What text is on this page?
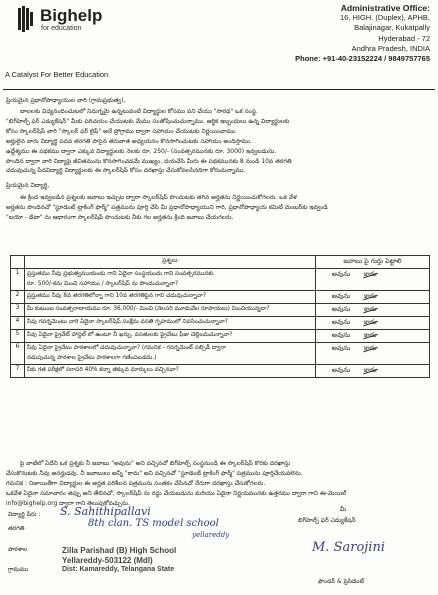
Bighelp
for education
A Catalyst For Better Education
Administrative Office:
16, HIGH. (Duplex), APHB,
Balajinagar, Kukatpally
Hyderabad - 72
Andhra Pradesh, INDIA
Phone: +91-40-23152224 / 9849757765
ప్రియమైన ప్రధానోపాధ్యాయుల వారి (గ్రామప్రభుత్వ),
బాలలకు విద్యనందించుటలో నిమగ్నమై ఉన్నటువంటి విద్యార్థుల కోసము పని చేయు "సారథ" ఒక సంస్థ.
"బిగ్‌హెల్ప్ ఫర్ ఎడ్యుకేషన్" మీకు పరిచయం చేయుటకు మేము సంతోషించుచున్నాము. ఆర్థిక ఇబ్బందులు ఉన్న విద్యార్థులకు
కోసం స్కాలర్‌షిప్ వారి "స్కాలర్ ఫర్ లైఫ్" అనే ప్రోగ్రాము ద్వారా సహాయం చేయుటకు నిర్ణయించాము.
అర్హులైన వారు విద్యార్థి పదవ తరగతి పాసైన తరువాత అధ్యయనం కొనసాగించుటకు సహాయం అందిస్తాము.
ఉద్దేశ్యము ఈ పథకము ద్వారా ఎక్కువ విద్యార్థులకు నెలకు రూ. 250/- (సంవత్సరమునకు రూ. 3000) ఇవ్వబడును.
పొందిన ద్వారా వారి విద్యాపై జీవితమును కొనసాగించడమే ముఖ్యం. దయచేసి మీరు ఈ పథకమునకు 8 నుండి 10వ తరగతి
చదువుచున్న పేదవిద్యార్థి విద్యార్థులకు ఈ స్కాలర్‌షిప్ కోసం దరఖాస్తు చేసుకోవలసినదిగా కోరుచున్నాము.
ప్రియమైన విద్యార్థి,
ఈ క్రింద ఇవ్వబడిన ప్రశ్నలకు జవాబు ఇచ్చుట ద్వారా స్కాలర్‌షిప్ పొందుటకు తగిన అర్హతను నిర్ణయించుకోగలరు. ఒక వేళ
అర్హతను పొందినచో "స్టూడెంట్ ట్రాకింగ్ ఫార్మ్" పత్రమును పూర్తి చేసి మీ ప్రధానోపాధ్యాయుని గారి, ప్రధానోపాధ్యాయ కమిటీ మెంబర్‌కు ఇవ్వండి
"బయో - డేటా" ను ఆధారంగా స్కాలర్‌షిప్ పొందుటకు నీకు గల అర్హతను క్రింది జవాబు చేయగలరు.
	ప్రశ్నలు	జవాబు పై గుర్తు పెట్టాలి
1	ప్రస్తుతము నీవు ప్రభుత్వముయందు గాని ఏదైనా సంస్థయందు గాని సంవత్సరమునకు
రూ. 500/-కను మించి సహాయం / స్కాలర్‌షిప్ ను పొందుచున్నావా?	అవును కాదు
2	ప్రస్తుతము నీవు 8వ తరగతిలోన్నా గాని 10వ తరగతిపైన గాని చదువుచున్నావా?	అవును కాదు
3	మీ కుటుంబ సంవత్సరాదాయము రూ. 36,000/- మించి (నెలసరి మూడువేల రూపాయలు) మించియున్నదా?	అవును కాదు
4	నీవు గవర్నమెంటు వారి ఏదైనా స్కాలర్‌షిప్ సంక్షేమ వసతి గృహములో నివసించుచున్నావా?	అవును కాదు
5	నీవు ఏదైనా ప్రైవేట్ హాస్టల్ లో ఉంటూ నీ ఖర్చు, వసతులకు ప్రైవేటు ఫీజు చెల్లించుచున్నావా?	అవును కాదు
6	నీవు ఏదైనా ప్రైవేటు పాఠశాలలో చదువుచున్నావా? (గమనిక - గవర్నమెంట్ సబ్సిడీ ద్వారా
నడుపుచున్న పాఠశాల ప్రైవేటు పాఠశాలగా గణింపబడదు.)	అవును కాదు
7	నీకు గత పరీక్షలో సరాసరి 40% కన్నా తక్కువ మార్కులు వచ్చినవా?	అవును కాదు
పై వాటిలో ఏదేని ఒక ప్రశ్నకు నీ జవాబు "అవును" అని వచ్చినచో బిగ్‌హెల్ప్ సంస్థనుండి ఈ స్కాలర్‌షిప్ కొరకు దరఖాస్తు
చేసుకొనుటకు నీవు అనర్హుడవు. నీ జవాబులు అన్నీ "కాదు" అని వచ్చినచో "స్టూడెంట్ ట్రాకింగ్ ఫార్మ్" పత్రమును పూర్తిచేయవలెను.
గమనిక : నిజాయితీగా విద్యార్థుల ఈ అర్హత పరిశీలన పత్రమును సంతకం చేసినచో నేరుగా దరఖాస్తు చేసుకోగలరు.
ఒకవేళ ఏదైనా సమాచారం తప్పు అని తేలినచో, స్కాలర్‌షిప్ ను రద్దు చేయబడును మరియు ఏదైనా నిర్ణయమునకు ఉత్తరము ద్వారా గాని ఈ-మెయిల్
info@bighelp.org ద్వారా గాని తెలుపుకోవచ్చును.
విద్యార్థి పేరు : S. Sahithipallavi
తరగతి	8th clan. TS model school
yellareddy
పాఠశాల
గ్రామము
Zilla Parishad (B) High School
Yellareddy-503122 (Mdl)
Dist: Kamareddy, Telangana State
మీ
బిగ్‌హెల్ప్ ఫర్ ఎడ్యుకేషన్
M. Sarojini
ఫౌండర్ & ప్రెసిడెంట్
